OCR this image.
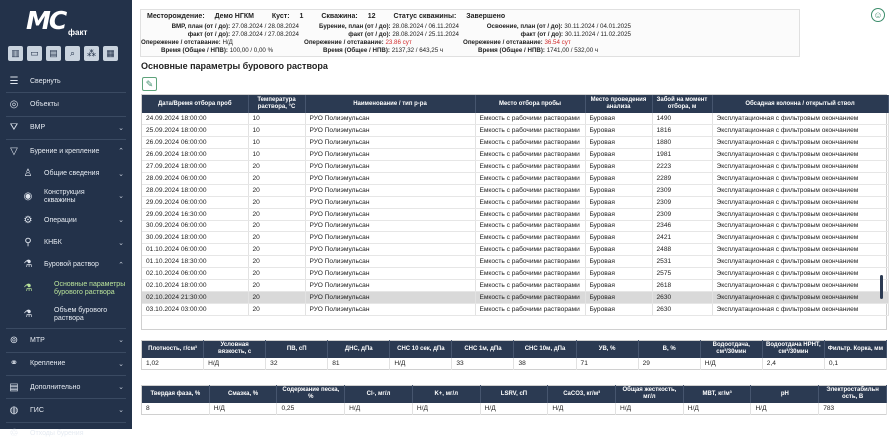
МС факт
▥	▭	▤	⌕	⁂	▦
☰ Свернуть
◎ Объекты
⛛ ВМР	⌄
▽	Бурение и крепление	⌃
♙ Общие сведения	⌄
◉ Конструкция скважины
⌄
⚙ Операции	⌄
⚲	КНБК	⌄
⚗ Буровой раствор	⌃
⚗	Основные параметры бурового раствора
⚗	Объем бурового раствора
⊚ МТР	⌄
⚭ Крепление	⌄
▤ Дополнительно	⌄
◍ ГИС	⌄
♲ Отходы бурения
☺
Месторождение: Демо НГКМ	Куст: 1	Скважина: 12	Статус скважины: Завершено
ВМР, план (от / до): 27.08.2024 / 28.08.2024
факт (от / до): 27.08.2024 / 27.08.2024
Опережение / отставание: Н/Д
Время (Общее / НПВ): 100,00 / 0,00 %
Бурение, план (от / до): 28.08.2024 / 06.11.2024
факт (от / до): 28.08.2024 / 25.11.2024
Опережение / отставание: 23.86 сут
Время (Общее / НПВ): 2137,32 / 643,25 ч
Освоение, план (от / до): 30.11.2024 / 04.01.2025
факт (от / до): 30.11.2024 / 11.02.2025
Опережение / отставание: 36.54 сут
Время (Общее / НПВ): 1741,00 / 532,00 ч
Основные параметры бурового раствора
✎
Дата/Время отбора проб	Температура раствора, °С	Наименование / тип р-ра	Место отбора пробы	Место проведения анализа	Забой на момент отбора, м	Обсадная колонна / открытый ствол
24.09.2024 18:00:00	10	РУО Полиэмульсан	Емкость с рабочими растворами	Буровая	1490	Эксплуатационная с фильтровым окончанием
25.09.2024 18:00:00	10	РУО Полиэмульсан	Емкость с рабочими растворами	Буровая	1816	Эксплуатационная с фильтровым окончанием
26.09.2024 06:00:00	10	РУО Полиэмульсан	Емкость с рабочими растворами	Буровая	1880	Эксплуатационная с фильтровым окончанием
26.09.2024 18:00:00	10	РУО Полиэмульсан	Емкость с рабочими растворами	Буровая	1981	Эксплуатационная с фильтровым окончанием
27.09.2024 18:00:00	20	РУО Полиэмульсан	Емкость с рабочими растворами	Буровая	2223	Эксплуатационная с фильтровым окончанием
28.09.2024 06:00:00	20	РУО Полиэмульсан	Емкость с рабочими растворами	Буровая	2289	Эксплуатационная с фильтровым окончанием
28.09.2024 18:00:00	20	РУО Полиэмульсан	Емкость с рабочими растворами	Буровая	2309	Эксплуатационная с фильтровым окончанием
29.09.2024 06:00:00	20	РУО Полиэмульсан	Емкость с рабочими растворами	Буровая	2309	Эксплуатационная с фильтровым окончанием
29.09.2024 16:30:00	20	РУО Полиэмульсан	Емкость с рабочими растворами	Буровая	2309	Эксплуатационная с фильтровым окончанием
30.09.2024 06:00:00	20	РУО Полиэмульсан	Емкость с рабочими растворами	Буровая	2346	Эксплуатационная с фильтровым окончанием
30.09.2024 18:00:00	20	РУО Полиэмульсан	Емкость с рабочими растворами	Буровая	2421	Эксплуатационная с фильтровым окончанием
01.10.2024 06:00:00	20	РУО Полиэмульсан	Емкость с рабочими растворами	Буровая	2488	Эксплуатационная с фильтровым окончанием
01.10.2024 18:30:00	20	РУО Полиэмульсан	Емкость с рабочими растворами	Буровая	2531	Эксплуатационная с фильтровым окончанием
02.10.2024 06:00:00	20	РУО Полиэмульсан	Емкость с рабочими растворами	Буровая	2575	Эксплуатационная с фильтровым окончанием
02.10.2024 18:00:00	20	РУО Полиэмульсан	Емкость с рабочими растворами	Буровая	2618	Эксплуатационная с фильтровым окончанием
02.10.2024 21:30:00	20	РУО Полиэмульсан	Емкость с рабочими растворами	Буровая	2630	Эксплуатационная с фильтровым окончанием
03.10.2024 03:00:00	20	РУО Полиэмульсан	Емкость с рабочими растворами	Буровая	2630	Эксплуатационная с фильтровым окончанием
Плотность, г/см³	Условная вязкость, с	ПВ, сП	ДНС, дПа	СНС 10 сек, дПа	СНС 1м, дПа	СНС 10м, дПа	УВ, %	В, %	Водоотдача, см³/30мин	Водоотдача НРНТ, см³/30мин	Фильтр. Корка, мм
1,02	Н/Д	32	81	Н/Д	33	38	71	29	Н/Д	2,4	0,1
Твердая фаза, %	Смазка, %	Содержание песка, %	Cl-, мг/л	K+, мг/л	LSRV, сП	CaCO3, кг/м³	Общая жесткость, мг/л	MBT, кг/м³	pH	Электростабильн ость, В
8	Н/Д	0,25	Н/Д	Н/Д	Н/Д	Н/Д	Н/Д	Н/Д	Н/Д	783
